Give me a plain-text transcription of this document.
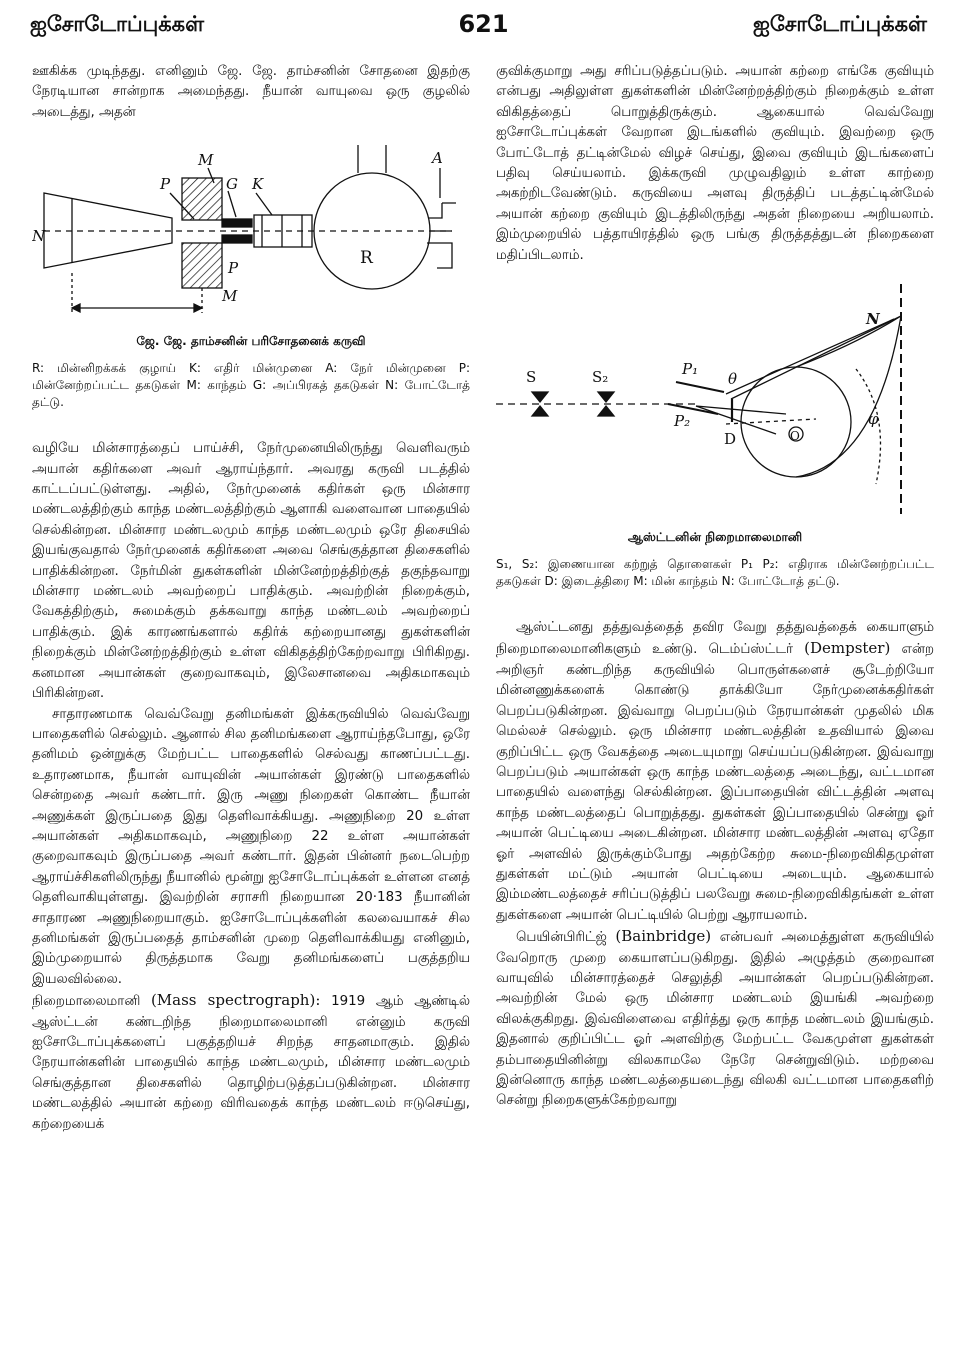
ஐசோடோப்புக்கள்	621	ஐசோடோப்புக்கள்

ஊகிக்க முடிந்தது. எனினும் ஜே. ஜே. தாம்சனின் சோதனை இதற்கு நேரடியான சான்றாக அமைந்தது. நீயான் வாயுவை ஒரு குழலில் அடைத்து, அதன்

N
P
M
G K
A
R
P
M
ஜே. ஜே. தாம்சனின் பரிசோதனைக் கருவி
R: மின்னிறக்கக் குழாய் K: எதிர் மின்முனை A: நேர் மின்முனை P: மின்னேற்றப்பட்ட தகடுகள் M: காந்தம் G: அப்பிரகத் தகடுகள் N: போட்டோத் தட்டு.

வழியே மின்சாரத்தைப் பாய்ச்சி, நேர்முனையிலிருந்து வெளிவரும் அயான் கதிர்களை அவர் ஆராய்ந்தார். அவரது கருவி படத்தில் காட்டப்பட்டுள்ளது. அதில், நேர்முனைக் கதிர்கள் ஒரு மின்சார மண்டலத்திற்கும் காந்த மண்டலத்திற்கும் ஆளாகி வளைவான பாதையில் செல்கின்றன. மின்சார மண்டலமும் காந்த மண்டலமும் ஒரே திசையில் இயங்குவதால் நேர்முனைக் கதிர்களை அவை செங்குத்தான திசைகளில் பாதிக்கின்றன. நேர்மின் துகள்களின் மின்னேற்றத்திற்குத் தகுந்தவாறு மின்சார மண்டலம் அவற்றைப் பாதிக்கும். அவற்றின் நிறைக்கும், வேகத்திற்கும், சுமைக்கும் தக்கவாறு காந்த மண்டலம் அவற்றைப் பாதிக்கும். இக் காரணங்களால் கதிர்க் கற்றையானது துகள்களின் நிறைக்கும் மின்னேற்றத்திற்கும் உள்ள விகிதத்திற்கேற்றவாறு பிரிகிறது. கனமான அயான்கள் குறைவாகவும், இலேசானவை அதிகமாகவும் பிரிகின்றன.

சாதாரணமாக வெவ்வேறு தனிமங்கள் இக்கருவியில் வெவ்வேறு பாதைகளில் செல்லும். ஆனால் சில தனிமங்களை ஆராய்ந்தபோது, ஒரே தனிமம் ஒன்றுக்கு மேற்பட்ட பாதைகளில் செல்வது காணப்பட்டது. உதாரணமாக, நீயான் வாயுவின் அயான்கள் இரண்டு பாதைகளில் சென்றதை அவர் கண்டார். இரு அணு நிறைகள் கொண்ட நீயான் அணுக்கள் இருப்பதை இது தெளிவாக்கியது. அணுநிறை 20 உள்ள அயான்கள் அதிகமாகவும், அணுநிறை 22 உள்ள அயான்கள் குறைவாகவும் இருப்பதை அவர் கண்டார். இதன் பின்னர் நடைபெற்ற ஆராய்ச்சிகளிலிருந்து நீயானில் மூன்று ஐசோடோப்புக்கள் உள்ளன எனத் தெளிவாகியுள்ளது. இவற்றின் சராசரி நிறையான 20·183 நீயானின் சாதாரண அணுநிறையாகும். ஐசோடோப்புக்களின் கலவையாகச் சில தனிமங்கள் இருப்பதைத் தாம்சனின் முறை தெளிவாக்கியது எனினும், இம்முறையால் திருத்தமாக வேறு தனிமங்களைப் பகுத்தறிய இயலவில்லை.

நிறைமாலைமானி (Mass spectrograph): 1919 ஆம் ஆண்டில் ஆஸ்ட்டன் கண்டறிந்த நிறைமாலைமானி என்னும் கருவி ஐசோடோப்புக்களைப் பகுத்தறியச் சிறந்த சாதனமாகும். இதில் நேரயான்களின் பாதையில் காந்த மண்டலமும், மின்சார மண்டலமும் செங்குத்தான திசைகளில் தொழிற்படுத்தப்படுகின்றன. மின்சார மண்டலத்தில் அயான் கற்றை விரிவதைக் காந்த மண்டலம் ஈடுசெய்து, கற்றையைக்

குவிக்குமாறு அது சரிப்படுத்தப்படும். அயான் கற்றை எங்கே குவியும் என்பது அதிலுள்ள துகள்களின் மின்னேற்றத்திற்கும் நிறைக்கும் உள்ள விகிதத்தைப் பொறுத்திருக்கும். ஆகையால் வெவ்வேறு ஐசோடோப்புக்கள் வேறான இடங்களில் குவியும். இவற்றை ஒரு போட்டோத் தட்டின்மேல் விழச் செய்து, இவை குவியும் இடங்களைப் பதிவு செய்யலாம். இக்கருவி முழுவதிலும் உள்ள காற்றை அகற்றிடவேண்டும். கருவியை அளவு திருத்திப் படத்தட்டின்மேல் அயான் கற்றை குவியும் இடத்திலிருந்து அதன் நிறையை அறியலாம். இம்முறையில் பத்தாயிரத்தில் ஒரு பங்கு திருத்தத்துடன் நிறைகளை மதிப்பிடலாம்.

S	S₂	P₁
P₂
θ
φ
N
D	O
ஆஸ்ட்டனின் நிறைமாலைமானி
S₁, S₂: இணையான கற்றுத் தொளைகள் P₁ P₂: எதிராக மின்னேற்றப்பட்ட தகடுகள் D: இடைத்திரை M: மின் காந்தம் N: போட்டோத் தட்டு.

ஆஸ்ட்டனது தத்துவத்தைத் தவிர வேறு தத்துவத்தைக் கையாளும் நிறைமாலைமானிகளும் உண்டு. டெம்ப்ஸ்ட்டர் (Dempster) என்ற அறிஞர் கண்டறிந்த கருவியில் பொருள்களைச் சூடேற்றியோ மின்னணுக்களைக் கொண்டு தாக்கியோ நேர்முனைக்கதிர்கள் பெறப்படுகின்றன. இவ்வாறு பெறப்படும் நேரயான்கள் முதலில் மிக மெல்லச் செல்லும். ஒரு மின்சார மண்டலத்தின் உதவியால் இவை குறிப்பிட்ட ஒரு வேகத்தை அடையுமாறு செய்யப்படுகின்றன. இவ்வாறு பெறப்படும் அயான்கள் ஒரு காந்த மண்டலத்தை அடைந்து, வட்டமான பாதையில் வளைந்து செல்கின்றன. இப்பாதையின் விட்டத்தின் அளவு காந்த மண்டலத்தைப் பொறுத்தது. துகள்கள் இப்பாதையில் சென்று ஓர் அயான் பெட்டியை அடைகின்றன. மின்சார மண்டலத்தின் அளவு ஏதோ ஓர் அளவில் இருக்கும்போது அதற்கேற்ற சுமை-நிறைவிகிதமுள்ள துகள்கள் மட்டும் அயான் பெட்டியை அடையும். ஆகையால் இம்மண்டலத்தைச் சரிப்படுத்திப் பலவேறு சுமை-நிறைவிகிதங்கள் உள்ள துகள்களை அயான் பெட்டியில் பெற்று ஆராயலாம்.

பெயின்பிரிட்ஜ் (Bainbridge) என்பவர் அமைத்துள்ள கருவியில் வேறொரு முறை கையாளப்படுகிறது. இதில் அழுத்தம் குறைவான வாயுவில் மின்சாரத்தைச் செலுத்தி அயான்கள் பெறப்படுகின்றன. அவற்றின் மேல் ஒரு மின்சார மண்டலம் இயங்கி அவற்றை விலக்குகிறது. இவ்விளைவை எதிர்த்து ஒரு காந்த மண்டலம் இயங்கும். இதனால் குறிப்பிட்ட ஓர் அளவிற்கு மேற்பட்ட வேகமுள்ள துகள்கள் தம்பாதையினின்று விலகாமலே நேரே சென்றுவிடும். மற்றவை இன்னொரு காந்த மண்டலத்தையடைந்து விலகி வட்டமான பாதைகளிற் சென்று நிறைகளுக்கேற்றவாறு
